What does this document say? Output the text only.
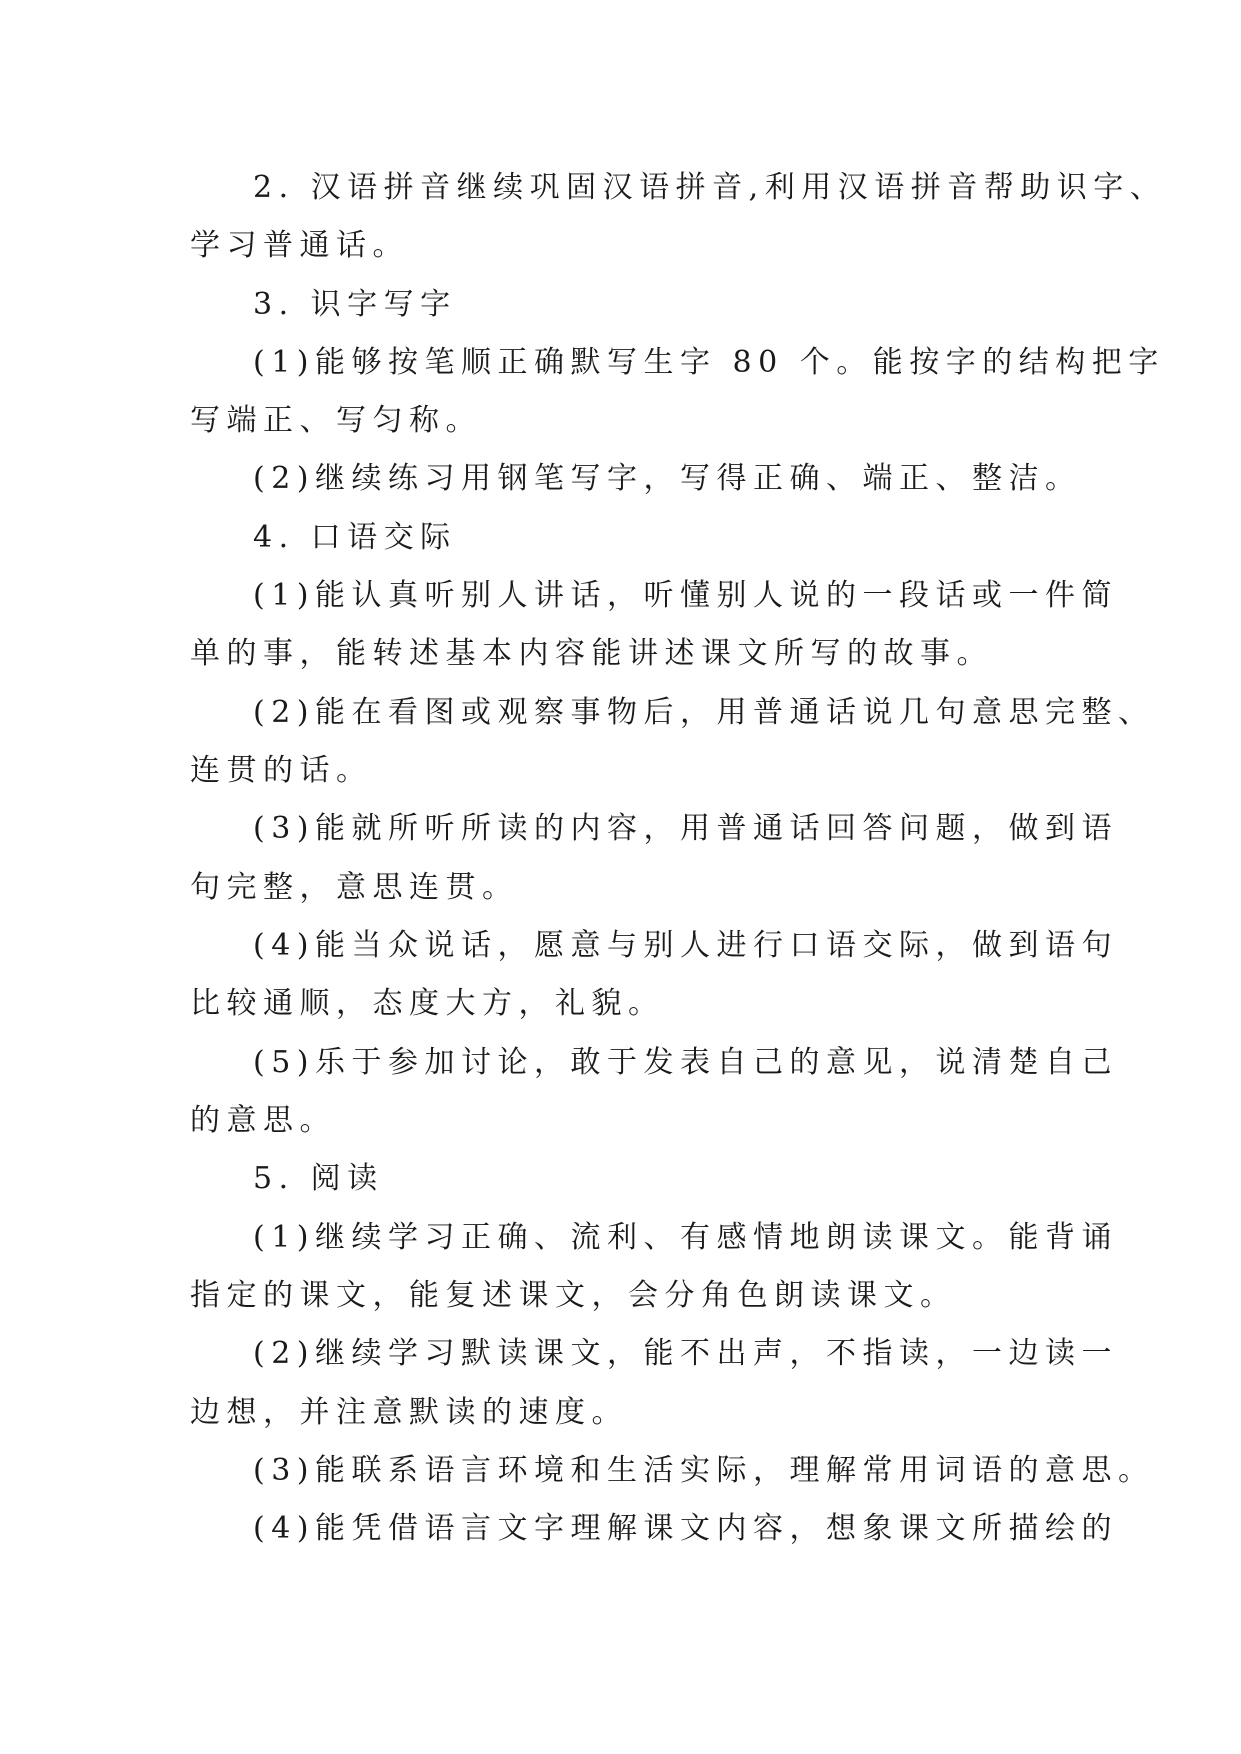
2. 汉语拼音继续巩固汉语拼音,利用汉语拼音帮助识字、
学习普通话。
3. 识字写字
(1)能够按笔顺正确默写生字 80 个。能按字的结构把字
写端正、写匀称。
(2)继续练习用钢笔写字，写得正确、端正、整洁。
4. 口语交际
(1)能认真听别人讲话，听懂别人说的一段话或一件简
单的事，能转述基本内容能讲述课文所写的故事。
(2)能在看图或观察事物后，用普通话说几句意思完整、
连贯的话。
(3)能就所听所读的内容，用普通话回答问题，做到语
句完整，意思连贯。
(4)能当众说话，愿意与别人进行口语交际，做到语句
比较通顺，态度大方，礼貌。
(5)乐于参加讨论，敢于发表自己的意见，说清楚自己
的意思。
5. 阅读
(1)继续学习正确、流利、有感情地朗读课文。能背诵
指定的课文，能复述课文，会分角色朗读课文。
(2)继续学习默读课文，能不出声，不指读，一边读一
边想，并注意默读的速度。
(3)能联系语言环境和生活实际，理解常用词语的意思。
(4)能凭借语言文字理解课文内容，想象课文所描绘的
